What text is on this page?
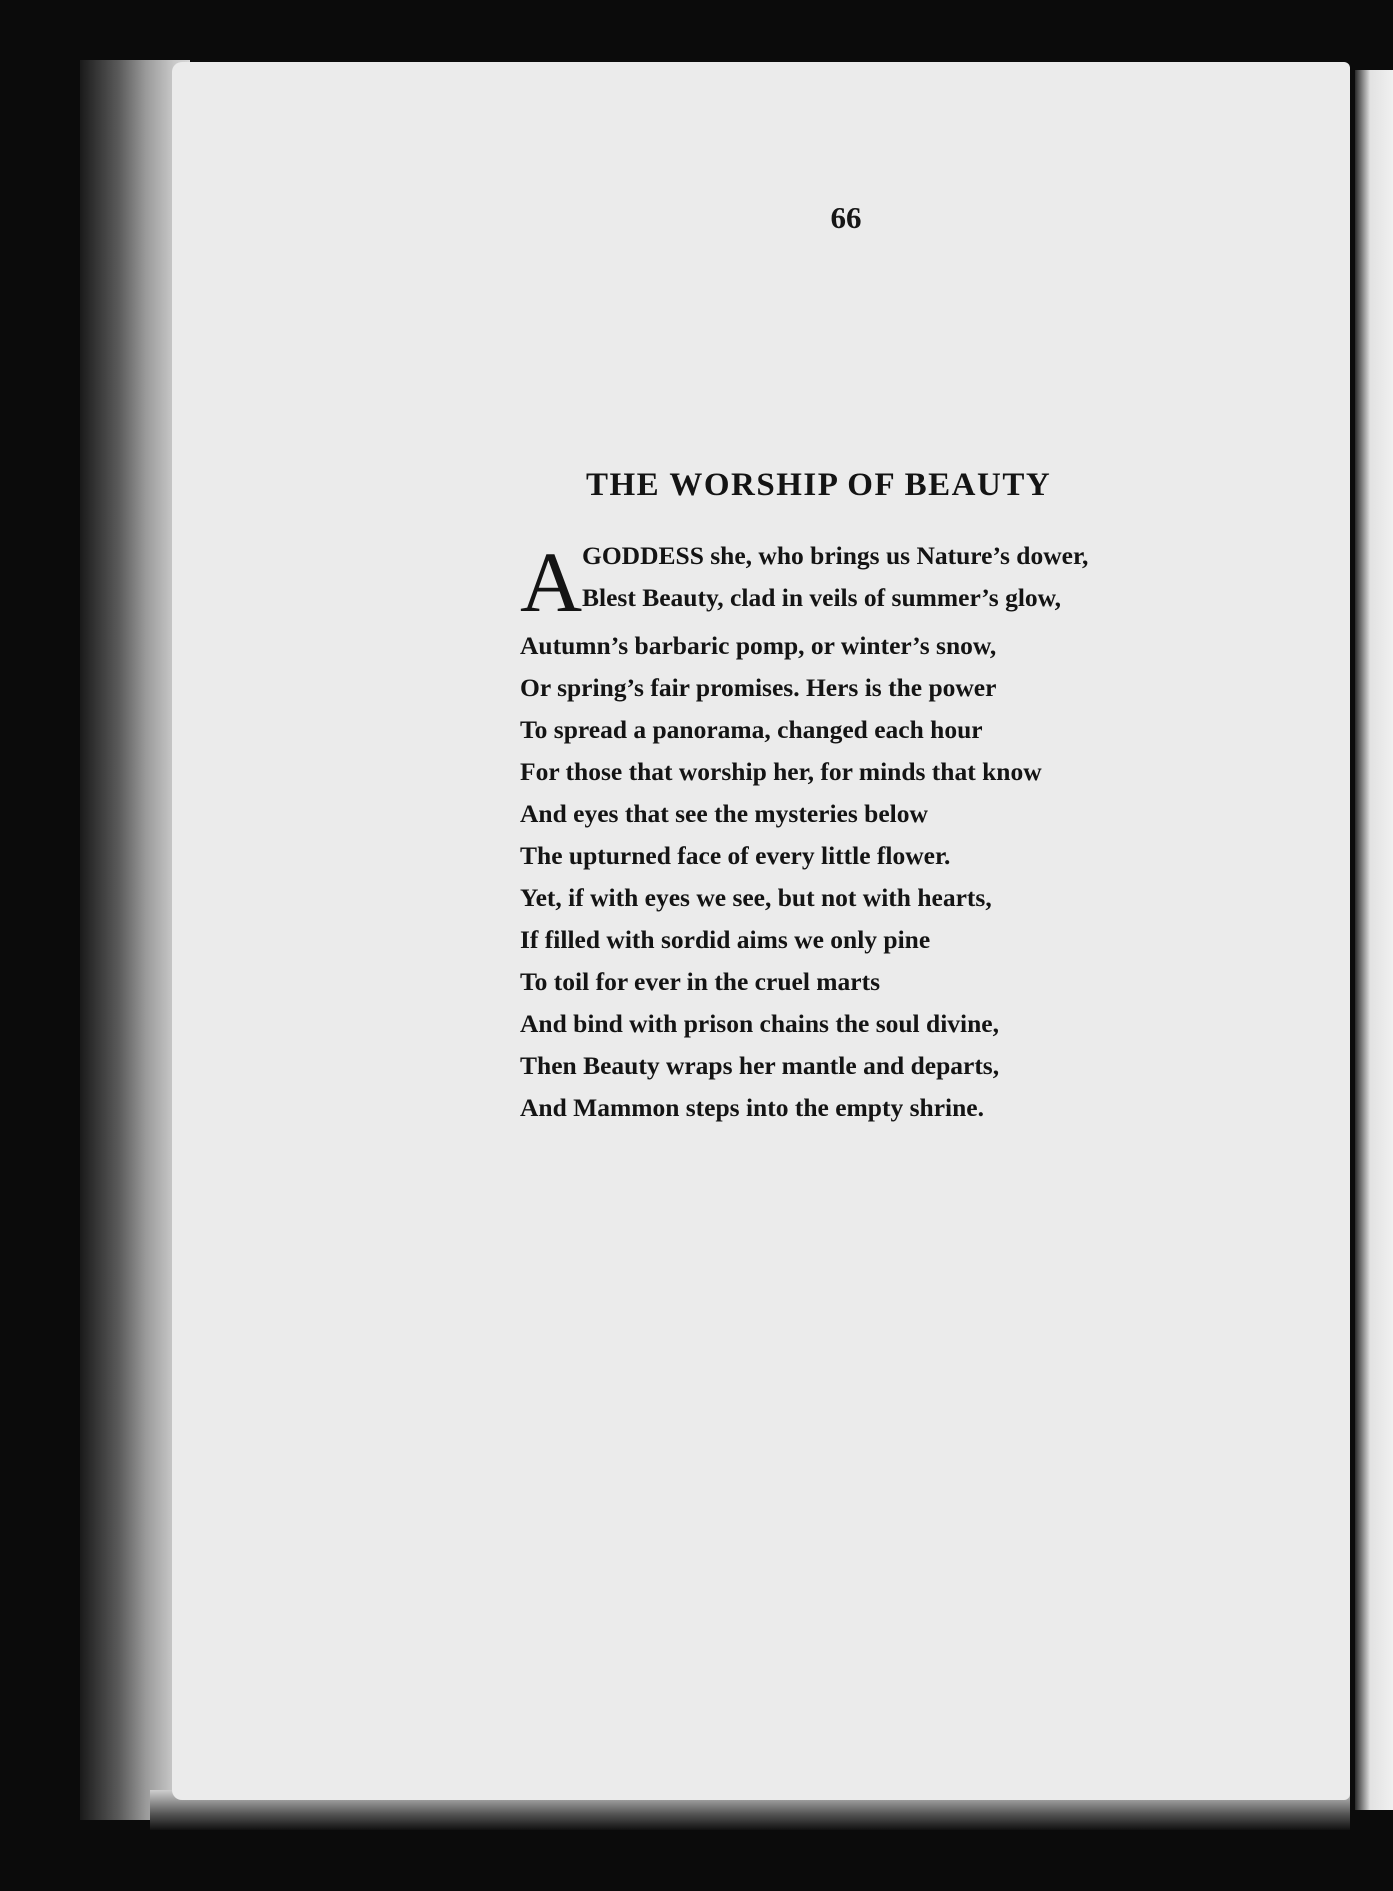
66
THE WORSHIP OF BEAUTY
A GODDESS she, who brings us Nature’s dower,
Blest Beauty, clad in veils of summer’s glow,
Autumn’s barbaric pomp, or winter’s snow,
Or spring’s fair promises. Hers is the power
To spread a panorama, changed each hour
For those that worship her, for minds that know
And eyes that see the mysteries below
The upturned face of every little flower.
Yet, if with eyes we see, but not with hearts,
If filled with sordid aims we only pine
To toil for ever in the cruel marts
And bind with prison chains the soul divine,
Then Beauty wraps her mantle and departs,
And Mammon steps into the empty shrine.
